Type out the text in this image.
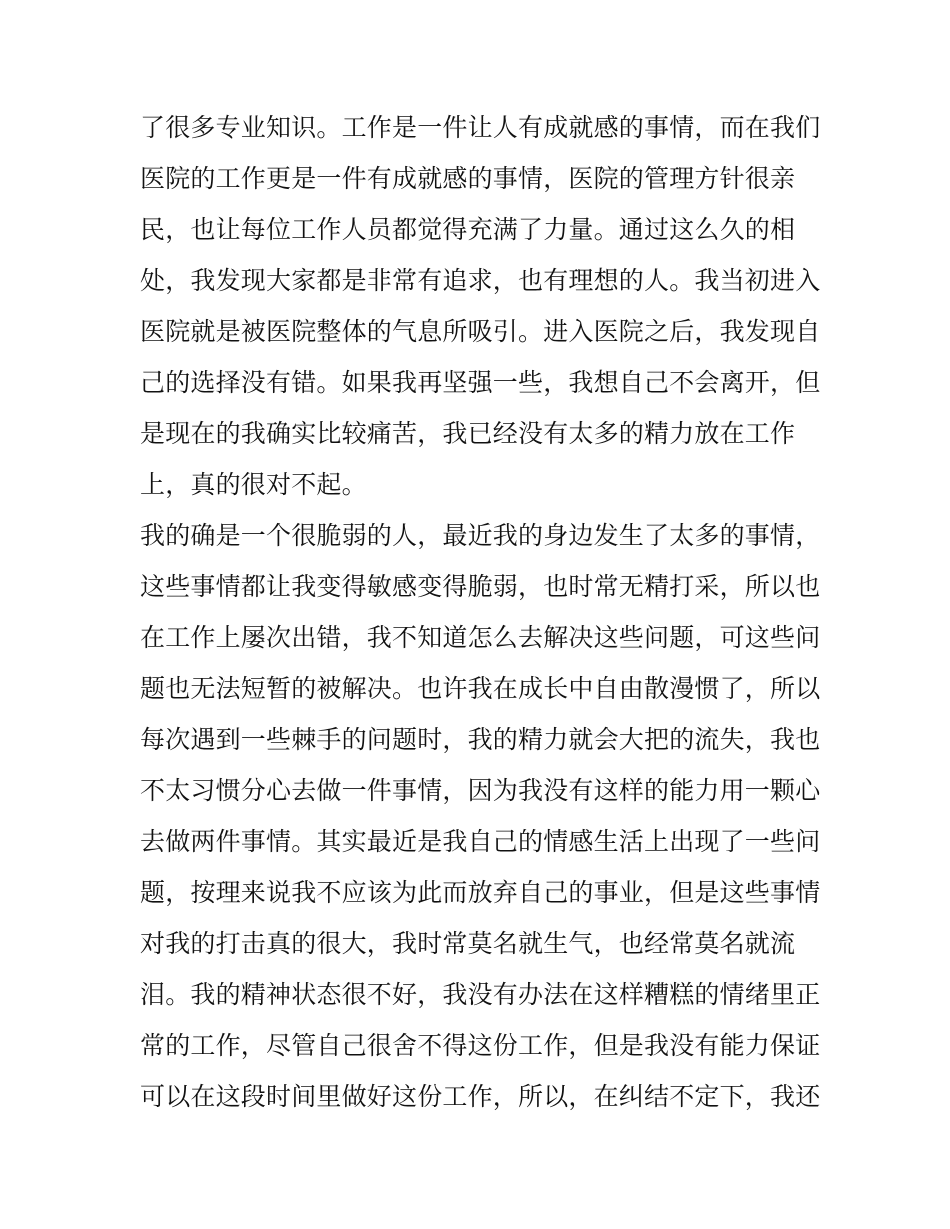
了很多专业知识。工作是一件让人有成就感的事情，而在我们
医院的工作更是一件有成就感的事情，医院的管理方针很亲
民，也让每位工作人员都觉得充满了力量。通过这么久的相
处，我发现大家都是非常有追求，也有理想的人。我当初进入
医院就是被医院整体的气息所吸引。进入医院之后，我发现自
己的选择没有错。如果我再坚强一些，我想自己不会离开，但
是现在的我确实比较痛苦，我已经没有太多的精力放在工作
上，真的很对不起。
我的确是一个很脆弱的人，最近我的身边发生了太多的事情，
这些事情都让我变得敏感变得脆弱，也时常无精打采，所以也
在工作上屡次出错，我不知道怎么去解决这些问题，可这些问
题也无法短暂的被解决。也许我在成长中自由散漫惯了，所以
每次遇到一些棘手的问题时，我的精力就会大把的流失，我也
不太习惯分心去做一件事情，因为我没有这样的能力用一颗心
去做两件事情。其实最近是我自己的情感生活上出现了一些问
题，按理来说我不应该为此而放弃自己的事业，但是这些事情
对我的打击真的很大，我时常莫名就生气，也经常莫名就流
泪。我的精神状态很不好，我没有办法在这样糟糕的情绪里正
常的工作，尽管自己很舍不得这份工作，但是我没有能力保证
可以在这段时间里做好这份工作，所以，在纠结不定下，我还
